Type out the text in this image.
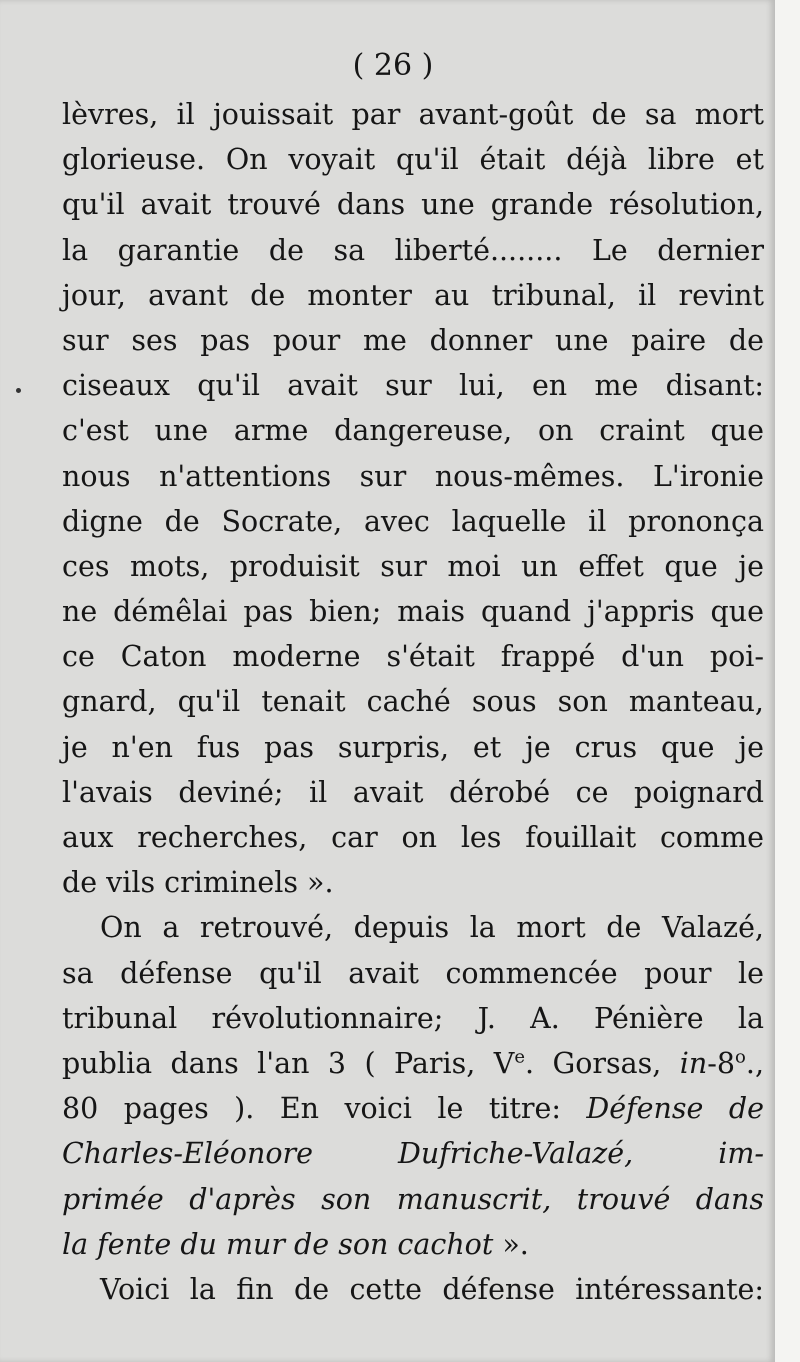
( 26 )
lèvres, il jouissait par avant-goût de sa mort
glorieuse. On voyait qu'il était déjà libre et
qu'il avait trouvé dans une grande résolution,
la garantie de sa liberté........ Le dernier
jour, avant de monter au tribunal, il revint
sur ses pas pour me donner une paire de
ciseaux qu'il avait sur lui, en me disant:
c'est une arme dangereuse, on craint que
nous n'attentions sur nous-mêmes. L'ironie
digne de Socrate, avec laquelle il prononça
ces mots, produisit sur moi un effet que je
ne démêlai pas bien; mais quand j'appris que
ce Caton moderne s'était frappé d'un poi-
gnard, qu'il tenait caché sous son manteau,
je n'en fus pas surpris, et je crus que je
l'avais deviné; il avait dérobé ce poignard
aux recherches, car on les fouillait comme
de vils criminels ».
On a retrouvé, depuis la mort de Valazé,
sa défense qu'il avait commencée pour le
tribunal révolutionnaire; J. A. Pénière la
publia dans l'an 3 ( Paris, Ve. Gorsas, in-8$^o$.,
80 pages ). En voici le titre: Défense de
Charles-Eléonore Dufriche-Valazé, im-
primée d'après son manuscrit, trouvé dans
la fente du mur de son cachot ».
Voici la fin de cette défense intéressante:
